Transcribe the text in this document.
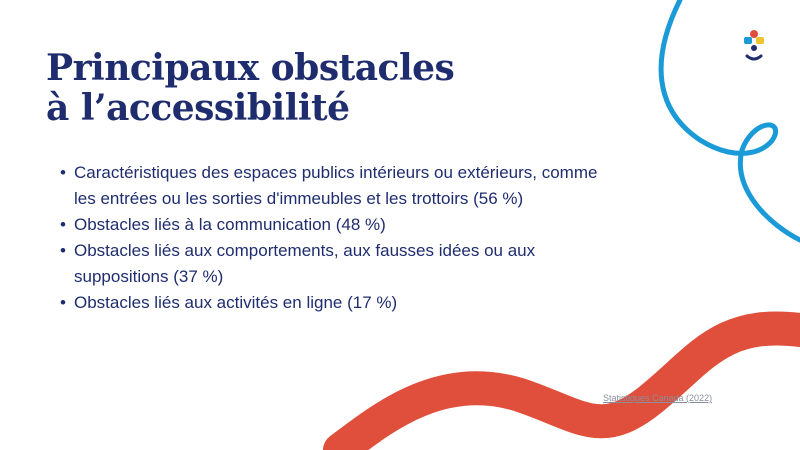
Principaux obstacles
à l’accessibilité
• Caractéristiques des espaces publics intérieurs ou extérieurs, comme les entrées ou les sorties d'immeubles et les trottoirs (56 %)
• Obstacles liés à la communication (48 %)
• Obstacles liés aux comportements, aux fausses idées ou aux suppositions (37 %)
• Obstacles liés aux activités en ligne (17 %)
Statistiques Canada (2022)
